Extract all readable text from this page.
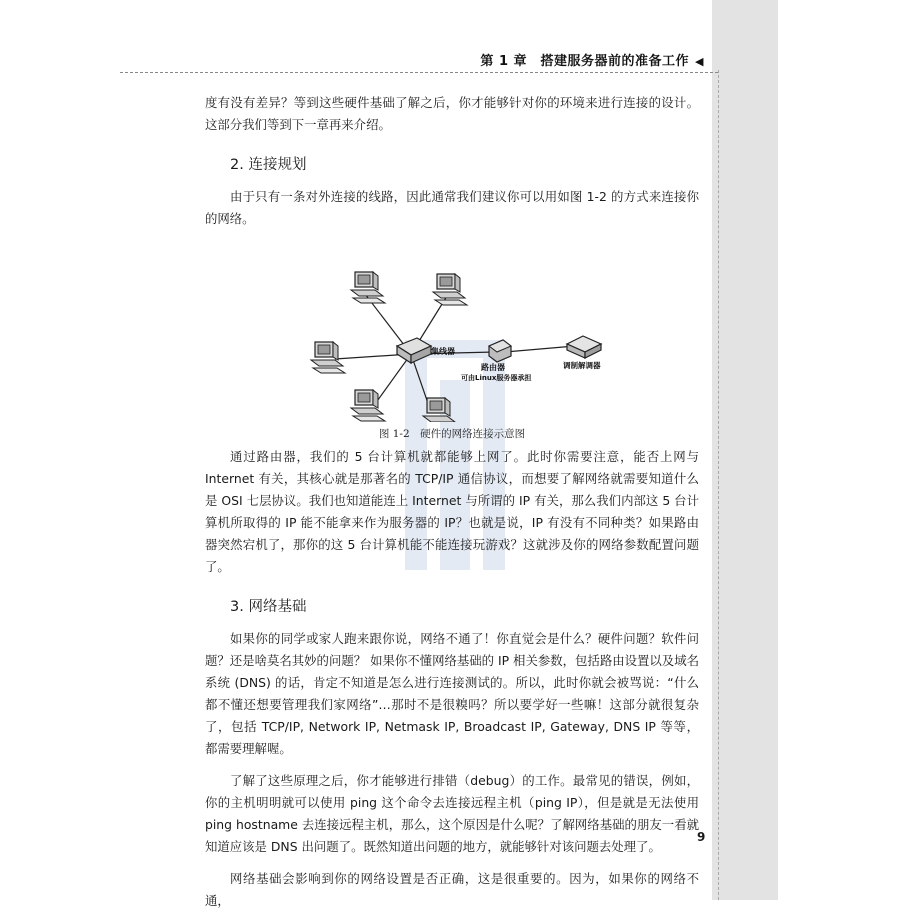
第 1 章　搭建服务器前的准备工作 ◀

度有没有差异？等到这些硬件基础了解之后，你才能够针对你的环境来进行连接的设计。这部分我们等到下一章再来介绍。

2. 连接规划

由于只有一条对外连接的线路，因此通常我们建议你可以用如图 1-2 的方式来连接你的网络。

集线器
路由器
可由Linux服务器承担
调制解调器
图 1-2　硬件的网络连接示意图

通过路由器，我们的 5 台计算机就都能够上网了。此时你需要注意，能否上网与 Internet 有关，其核心就是那著名的 TCP/IP 通信协议，而想要了解网络就需要知道什么是 OSI 七层协议。我们也知道能连上 Internet 与所谓的 IP 有关，那么我们内部这 5 台计算机所取得的 IP 能不能拿来作为服务器的 IP？也就是说，IP 有没有不同种类？如果路由器突然宕机了，那你的这 5 台计算机能不能连接玩游戏？这就涉及你的网络参数配置问题了。

3. 网络基础

如果你的同学或家人跑来跟你说，网络不通了！你直觉会是什么？硬件问题？软件问题？还是啥莫名其妙的问题？ 如果你不懂网络基础的 IP 相关参数，包括路由设置以及域名系统 (DNS) 的话，肯定不知道是怎么进行连接测试的。所以，此时你就会被骂说：“什么都不懂还想要管理我们家网络”…那时不是很糗吗？所以要学好一些嘛！这部分就很复杂了，包括 TCP/IP, Network IP, Netmask IP, Broadcast IP, Gateway, DNS IP 等等，都需要理解喔。

了解了这些原理之后，你才能够进行排错（debug）的工作。最常见的错误，例如，你的主机明明就可以使用 ping 这个命令去连接远程主机（ping IP），但是就是无法使用 ping hostname 去连接远程主机，那么，这个原因是什么呢？了解网络基础的朋友一看就知道应该是 DNS 出问题了。既然知道出问题的地方，就能够针对该问题去处理了。

网络基础会影响到你的网络设置是否正确，这是很重要的。因为，如果你的网络不通，

9
